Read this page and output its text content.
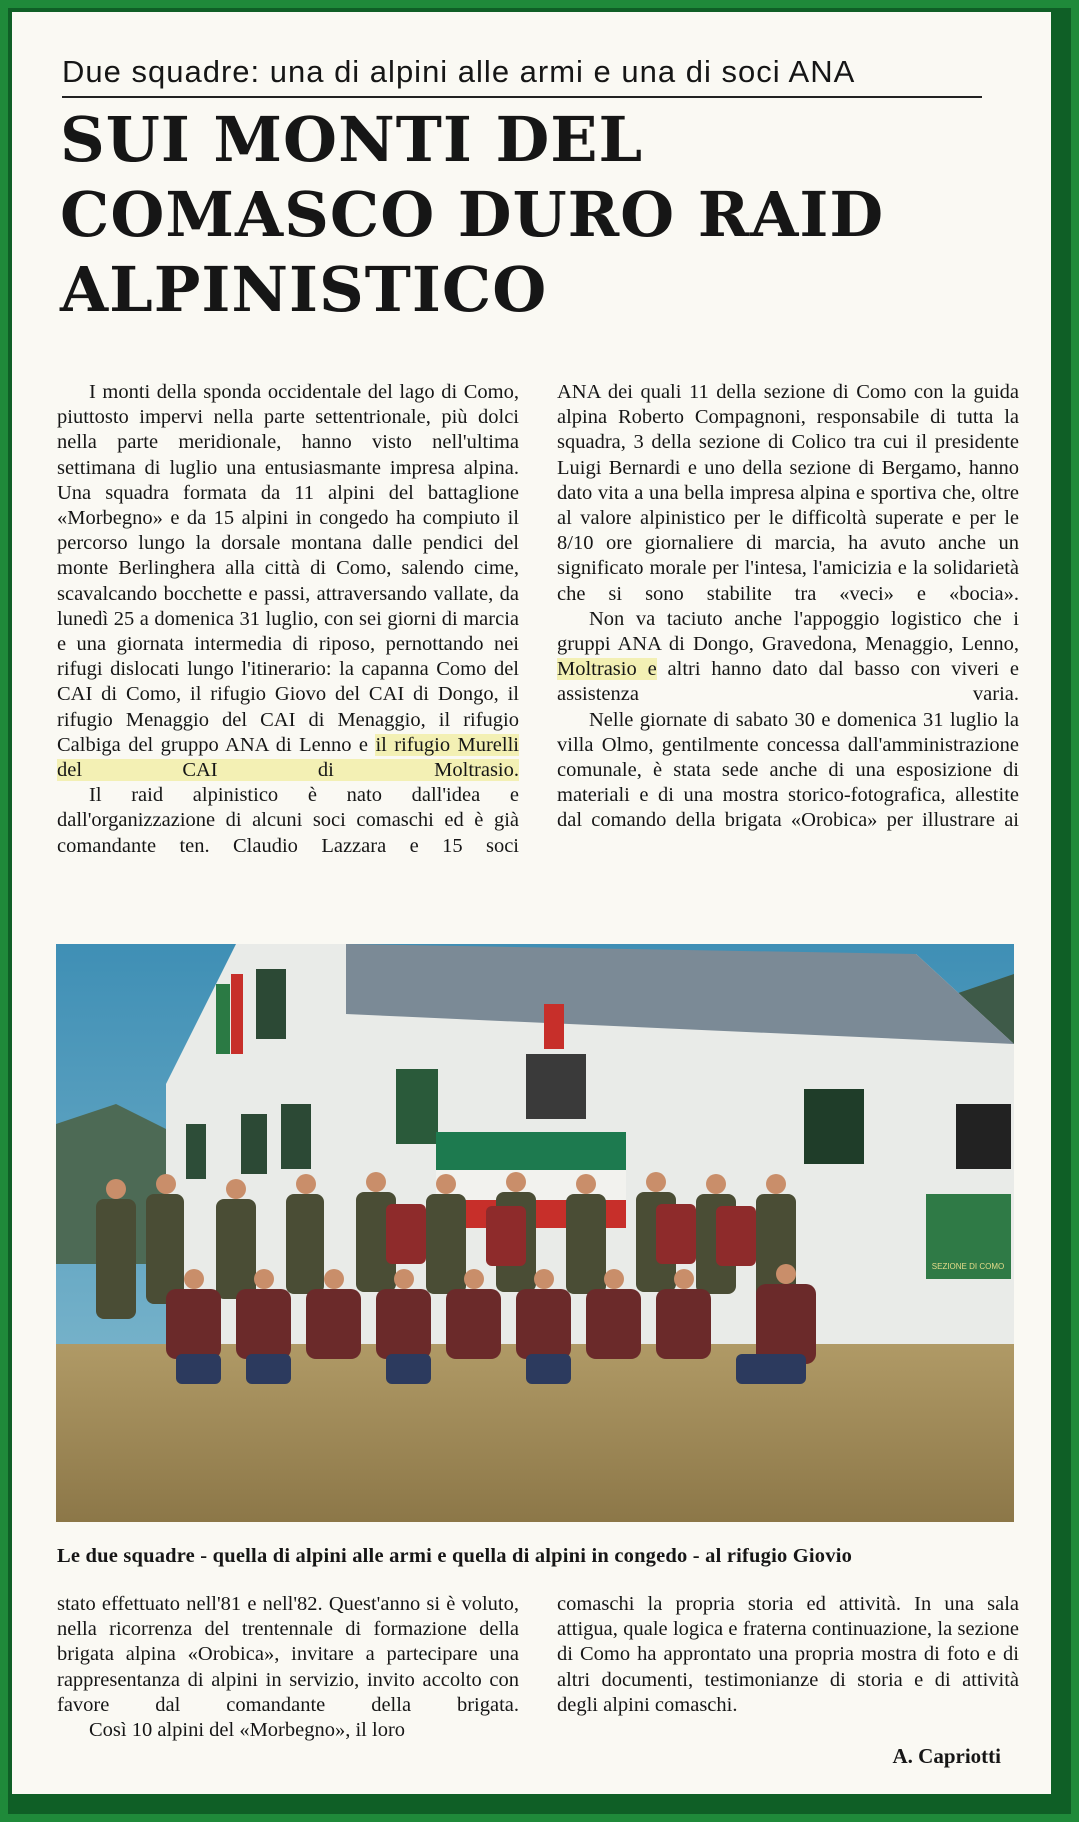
Due squadre: una di alpini alle armi e una di soci ANA
SUI MONTI DEL
COMASCO DURO RAID
ALPINISTICO

I monti della sponda occidentale del lago di Como, piuttosto impervi nella parte settentrionale, più dolci nella parte meridionale, hanno visto nell'ultima settimana di luglio una entusiasmante impresa alpina. Una squadra formata da 11 alpini del battaglione «Morbegno» e da 15 alpini in congedo ha compiuto il percorso lungo la dorsale montana dalle pendici del monte Berlinghera alla città di Como, salendo cime, scavalcando bocchette e passi, attraversando vallate, da lunedì 25 a domenica 31 luglio, con sei giorni di marcia e una giornata intermedia di riposo, pernottando nei rifugi dislocati lungo l'itinerario: la capanna Como del CAI di Como, il rifugio Giovo del CAI di Dongo, il rifugio Menaggio del CAI di Menaggio, il rifugio Calbiga del gruppo ANA di Lenno e il rifugio Murelli del CAI di Moltrasio.

Il raid alpinistico è nato dall'idea e dall'organizzazione di alcuni soci comaschi ed è già comandante ten. Claudio Lazzara e 15 soci

ANA dei quali 11 della sezione di Como con la guida alpina Roberto Compagnoni, responsabile di tutta la squadra, 3 della sezione di Colico tra cui il presidente Luigi Bernardi e uno della sezione di Bergamo, hanno dato vita a una bella impresa alpina e sportiva che, oltre al valore alpinistico per le difficoltà superate e per le 8/10 ore giornaliere di marcia, ha avuto anche un significato morale per l'intesa, l'amicizia e la solidarietà che si sono stabilite tra «veci» e «bocia».

Non va taciuto anche l'appoggio logistico che i gruppi ANA di Dongo, Gravedona, Menaggio, Lenno, Moltrasio e altri hanno dato dal basso con viveri e assistenza varia.

Nelle giornate di sabato 30 e domenica 31 luglio la villa Olmo, gentilmente concessa dall'amministrazione comunale, è stata sede anche di una esposizione di materiali e di una mostra storico-fotografica, allestite dal comando della brigata «Orobica» per illustrare ai

SEZIONE DI COMO
Le due squadre - quella di alpini alle armi e quella di alpini in congedo - al rifugio Giovio

stato effettuato nell'81 e nell'82. Quest'anno si è voluto, nella ricorrenza del trentennale di formazione della brigata alpina «Orobica», invitare a partecipare una rappresentanza di alpini in servizio, invito accolto con favore dal comandante della brigata.

Così 10 alpini del «Morbegno», il loro

comaschi la propria storia ed attività. In una sala attigua, quale logica e fraterna continuazione, la sezione di Como ha approntato una propria mostra di foto e di altri documenti, testimonianze di storia e di attività degli alpini comaschi.

A. Capriotti
